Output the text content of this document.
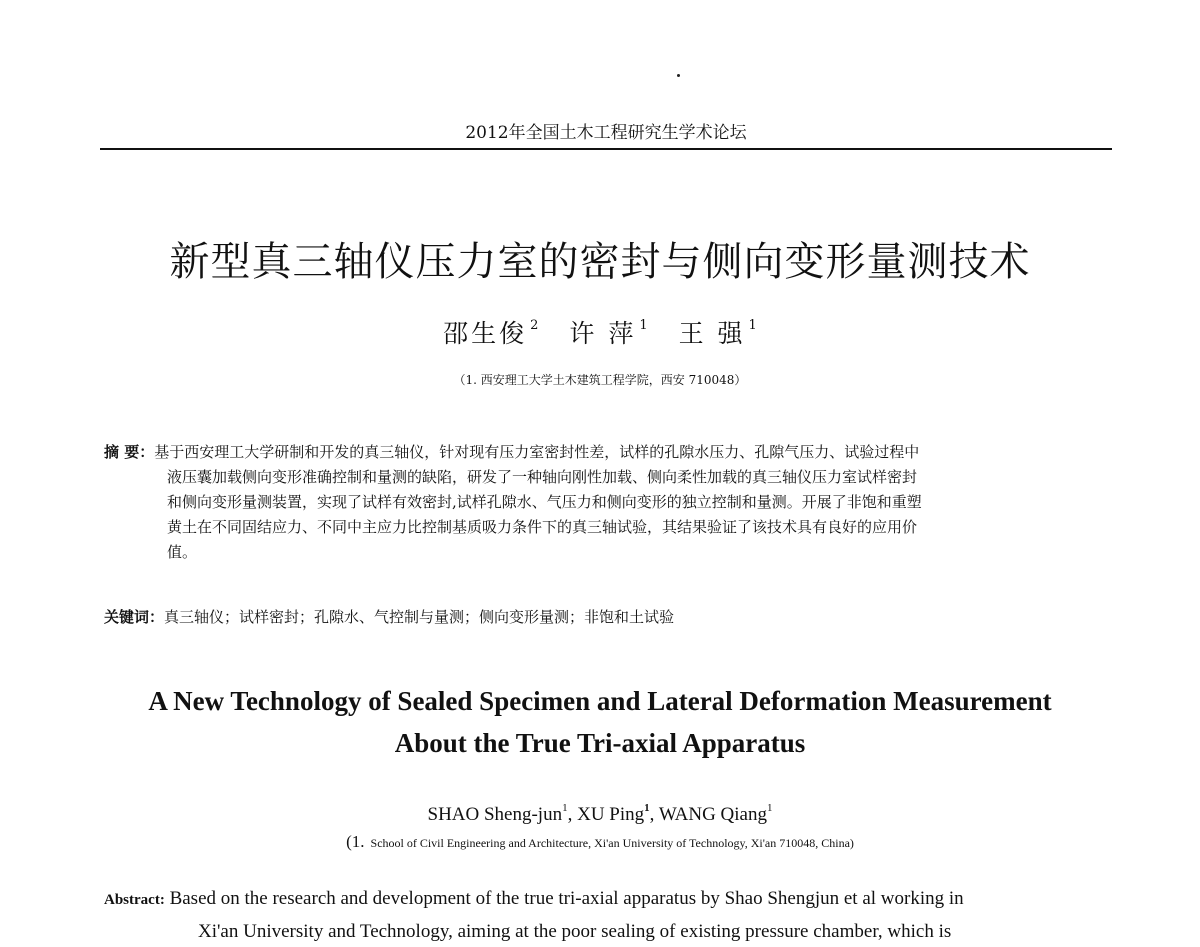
2012年全国土木工程研究生学术论坛
新型真三轴仪压力室的密封与侧向变形量测技术
邵生俊 $^2$ 许 萍 $^1$ 王 强 $^1$
（1. 西安理工大学土木建筑工程学院，西安 710048）
摘 要：基于西安理工大学研制和开发的真三轴仪，针对现有压力室密封性差，试样的孔隙水压力、孔隙气压力、试验过程中
液压囊加载侧向变形准确控制和量测的缺陷，研发了一种轴向刚性加载、侧向柔性加载的真三轴仪压力室试样密封
和侧向变形量测装置，实现了试样有效密封,试样孔隙水、气压力和侧向变形的独立控制和量测。开展了非饱和重塑
黄土在不同固结应力、不同中主应力比控制基质吸力条件下的真三轴试验，其结果验证了该技术具有良好的应用价
值。
关键词：真三轴仪；试样密封；孔隙水、气控制与量测；侧向变形量测；非饱和土试验
A New Technology of Sealed Specimen and Lateral Deformation Measurement
About the True Tri-axial Apparatus
SHAO Sheng-jun$^1$, XU Ping$^1$, WANG Qiang$^1$
(1. School of Civil Engineering and Architecture, Xi'an University of Technology, Xi'an 710048, China)
Abstract: Based on the research and development of the true tri-axial apparatus by Shao Shengjun et al working in
Xi'an University and Technology, aiming at the poor sealing of existing pressure chamber, which is
